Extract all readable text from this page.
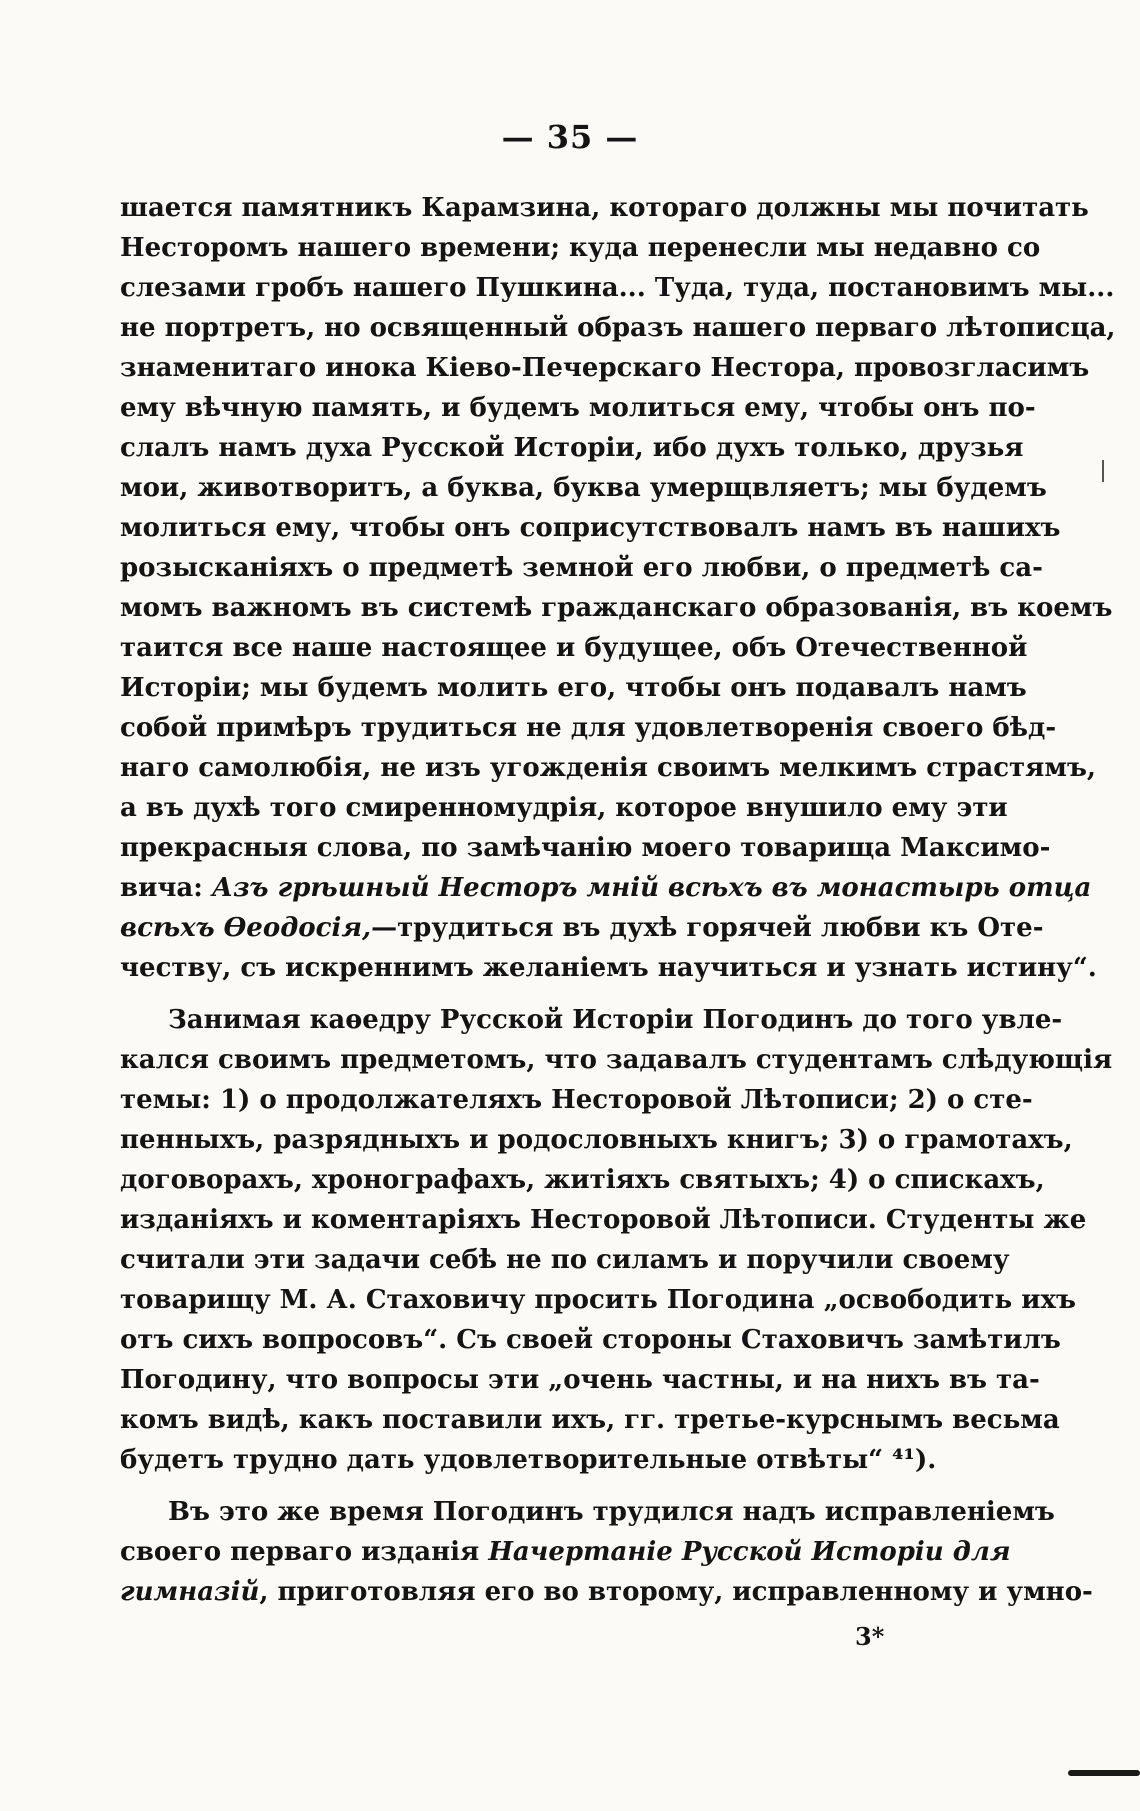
— 35 —
шается памятникъ Карамзина, котораго должны мы почитать
Несторомъ нашего времени; куда перенесли мы недавно со
слезами гробъ нашего Пушкина... Туда, туда, постановимъ мы...
не портретъ, но освященный образъ нашего перваго лѣтописца,
знаменитаго инока Кіево-Печерскаго Нестора, провозгласимъ
ему вѣчную память, и будемъ молиться ему, чтобы онъ по-
слалъ намъ духа Русской Исторіи, ибо духъ только, друзья
мои, животворитъ, а буква, буква умерщвляетъ; мы будемъ
молиться ему, чтобы онъ соприсутствовалъ намъ въ нашихъ
розысканіяхъ о предметѣ земной его любви, о предметѣ са-
момъ важномъ въ системѣ гражданскаго образованія, въ коемъ
таится все наше настоящее и будущее, объ Отечественной
Исторіи; мы будемъ молить его, чтобы онъ подавалъ намъ
собой примѣръ трудиться не для удовлетворенія своего бѣд-
наго самолюбія, не изъ угожденія своимъ мелкимъ страстямъ,
а въ духѣ того смиренномудрія, которое внушило ему эти
прекрасныя слова, по замѣчанію моего товарища Максимо-
вича: Азъ грѣшный Несторъ мнiй всѣхъ въ монастырь отца
всѣхъ Ѳеодосія,—трудиться въ духѣ горячей любви къ Оте-
честву, съ искреннимъ желаніемъ научиться и узнать истину“.
Занимая каѳедру Русской Исторіи Погодинъ до того увле-
кался своимъ предметомъ, что задавалъ студентамъ слѣдующія
темы: 1) о продолжателяхъ Несторовой Лѣтописи; 2) о сте-
пенныхъ, разрядныхъ и родословныхъ книгъ; 3) о грамотахъ,
договорахъ, хронографахъ, житіяхъ святыхъ; 4) о спискахъ,
изданіяхъ и коментаріяхъ Несторовой Лѣтописи. Студенты же
считали эти задачи себѣ не по силамъ и поручили своему
товарищу М. А. Стаховичу просить Погодина „освободить ихъ
отъ сихъ вопросовъ“. Съ своей стороны Стаховичъ замѣтилъ
Погодину, что вопросы эти „очень частны, и на нихъ въ та-
комъ видѣ, какъ поставили ихъ, гг. третье-курснымъ весьма
будетъ трудно дать удовлетворительные отвѣты“ ⁴¹).
Въ это же время Погодинъ трудился надъ исправленіемъ
своего перваго изданія Начертаніе Русской Исторіи для
гимназій, приготовляя его во второму, исправленному и умно-
3*
